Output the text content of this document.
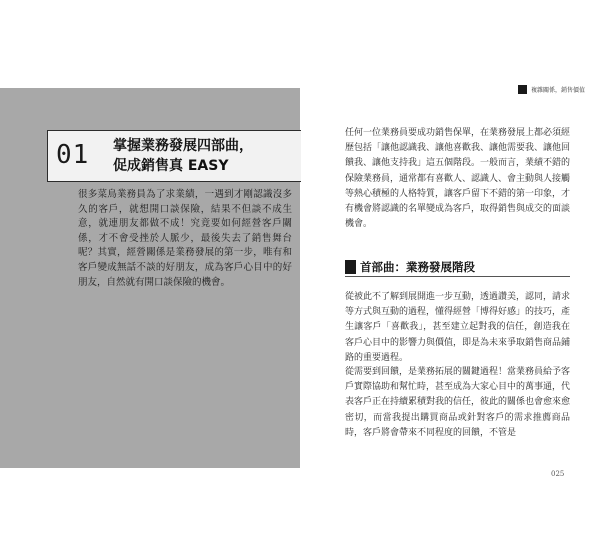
01 掌握業務發展四部曲，
促成銷售真 EASY
很多菜鳥業務員為了求業績，一遇到才剛認識沒多久的客戶，就想開口談保險，結果不但談不成生意，就連朋友都做不成！究竟要如何經營客戶關係，才不會受挫於人脈少，最後失去了銷售舞台呢？其實，經營關係是業務發展的第一步，唯有和客戶變成無話不談的好朋友，成為客戶心目中的好朋友，自然就有開口談保險的機會。
複雜關係，銷售價值
任何一位業務員要成功銷售保單，在業務發展上都必須經歷包括「讓他認識我、讓他喜歡我、讓他需要我、讓他回饋我、讓他支持我」這五個階段。一般而言，業績不錯的保險業務員，通常都有喜歡人、認識人、會主動與人接觸等熱心積極的人格特質，讓客戶留下不錯的第一印象，才有機會將認識的名單變成為客戶，取得銷售與成交的面談機會。
首部曲：業務發展階段
從被此不了解到展開進一步互動，透過讚美，認同，請求等方式與互動的過程，懂得經營「博得好感」的技巧，產生讓客戶「喜歡我」，甚至建立起對我的信任，創造我在客戶心目中的影響力與價值，即是為未來爭取銷售商品鋪路的重要過程。
從需要到回饋，是業務拓展的關鍵過程！當業務員給予客戶實際協助和幫忙時，甚至成為大家心目中的萬事通，代表客戶正在持續累積對我的信任，彼此的關係也會愈來愈密切，而當我提出購買商品或針對客戶的需求推薦商品時，客戶將會帶來不同程度的回饋，不管是
025
